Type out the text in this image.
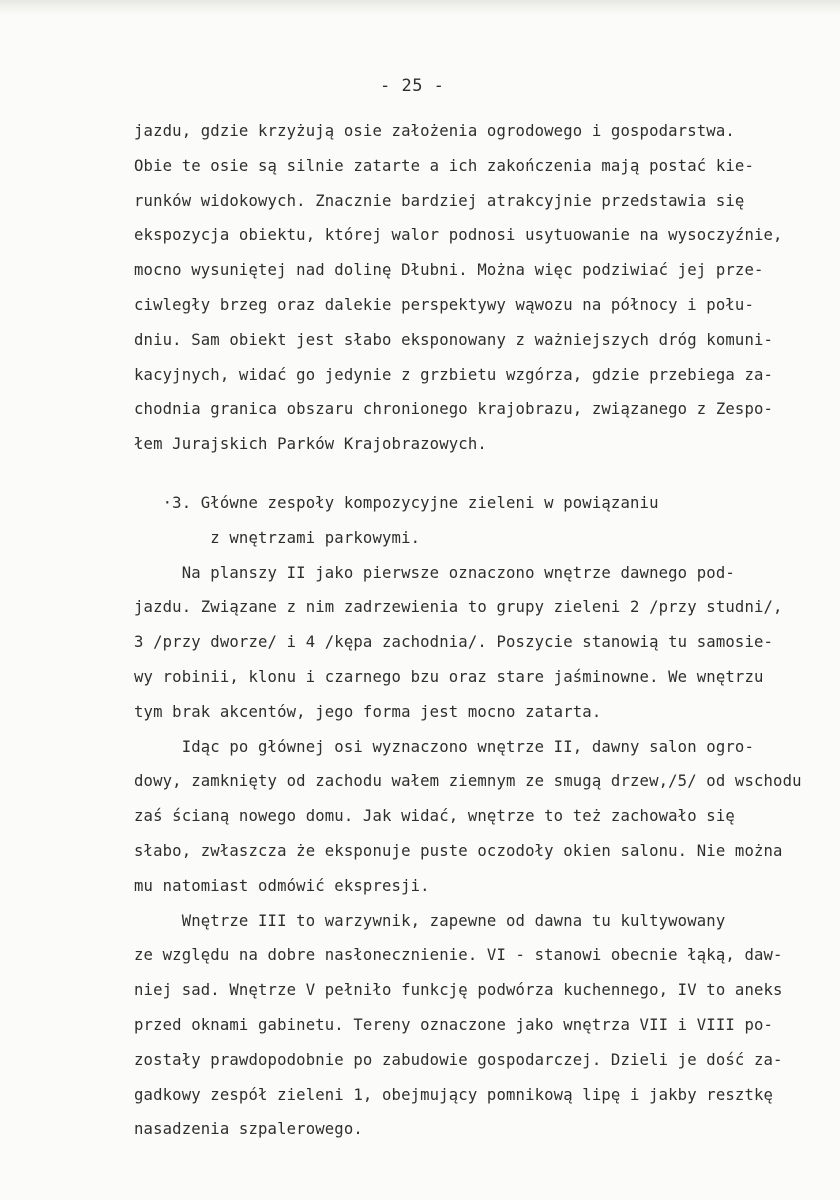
- 25 -
jazdu, gdzie krzyżują osie założenia ogrodowego i gospodarstwa.
Obie te osie są silnie zatarte a ich zakończenia mają postać kie-
runków widokowych. Znacznie bardziej atrakcyjnie przedstawia się
ekspozycja obiektu, której walor podnosi usytuowanie na wysoczyźnie,
mocno wysuniętej nad dolinę Dłubni. Można więc podziwiać jej prze-
ciwległy brzeg oraz dalekie perspektywy wąwozu na północy i połu-
dniu. Sam obiekt jest słabo eksponowany z ważniejszych dróg komuni-
kacyjnych, widać go jedynie z grzbietu wzgórza, gdzie przebiega za-
chodnia granica obszaru chronionego krajobrazu, związanego z Zespo-
łem Jurajskich Parków Krajobrazowych.
·3. Główne zespoły kompozycyjne zieleni w powiązaniu
z wnętrzami parkowymi.
Na planszy II jako pierwsze oznaczono wnętrze dawnego pod-
jazdu. Związane z nim zadrzewienia to grupy zieleni 2 /przy studni/,
3 /przy dworze/ i 4 /kępa zachodnia/. Poszycie stanowią tu samosie-
wy robinii, klonu i czarnego bzu oraz stare jaśminowne. We wnętrzu
tym brak akcentów, jego forma jest mocno zatarta.
Idąc po głównej osi wyznaczono wnętrze II, dawny salon ogro-
dowy, zamknięty od zachodu wałem ziemnym ze smugą drzew,/5/ od wschodu
zaś ścianą nowego domu. Jak widać, wnętrze to też zachowało się
słabo, zwłaszcza że eksponuje puste oczodoły okien salonu. Nie można
mu natomiast odmówić ekspresji.
Wnętrze III to warzywnik, zapewne od dawna tu kultywowany
ze względu na dobre nasłonecznienie. VI - stanowi obecnie łąką, daw-
niej sad. Wnętrze V pełniło funkcję podwórza kuchennego, IV to aneks
przed oknami gabinetu. Tereny oznaczone jako wnętrza VII i VIII po-
zostały prawdopodobnie po zabudowie gospodarczej. Dzieli je dość za-
gadkowy zespół zieleni 1, obejmujący pomnikową lipę i jakby resztkę
nasadzenia szpalerowego.
